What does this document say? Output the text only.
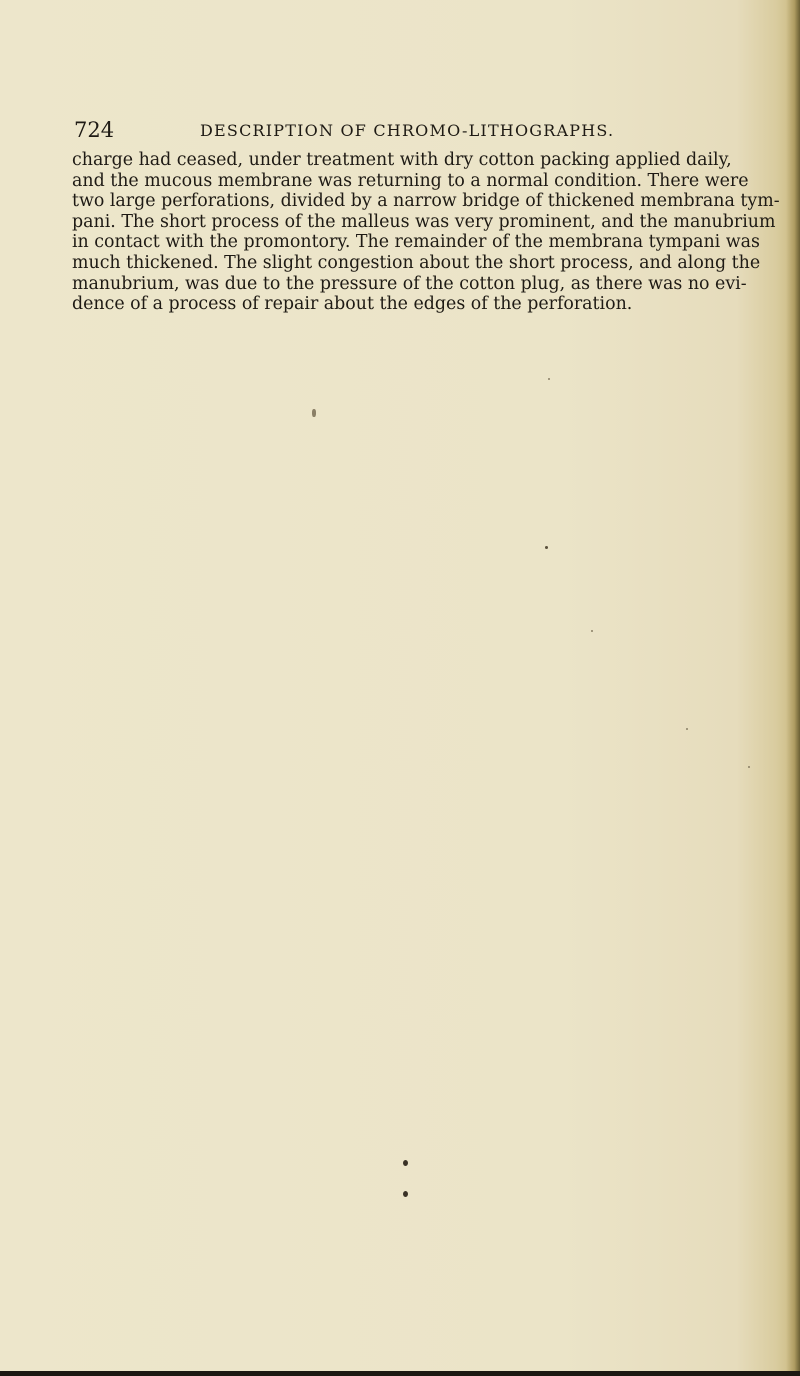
724	DESCRIPTION OF CHROMO-LITHOGRAPHS.
charge had ceased, under treatment with dry cotton packing applied daily,
and the mucous membrane was returning to a normal condition. There were
two large perforations, divided by a narrow bridge of thickened membrana tym-
pani. The short process of the malleus was very prominent, and the manubrium
in contact with the promontory. The remainder of the membrana tympani was
much thickened. The slight congestion about the short process, and along the
manubrium, was due to the pressure of the cotton plug, as there was no evi-
dence of a process of repair about the edges of the perforation.
